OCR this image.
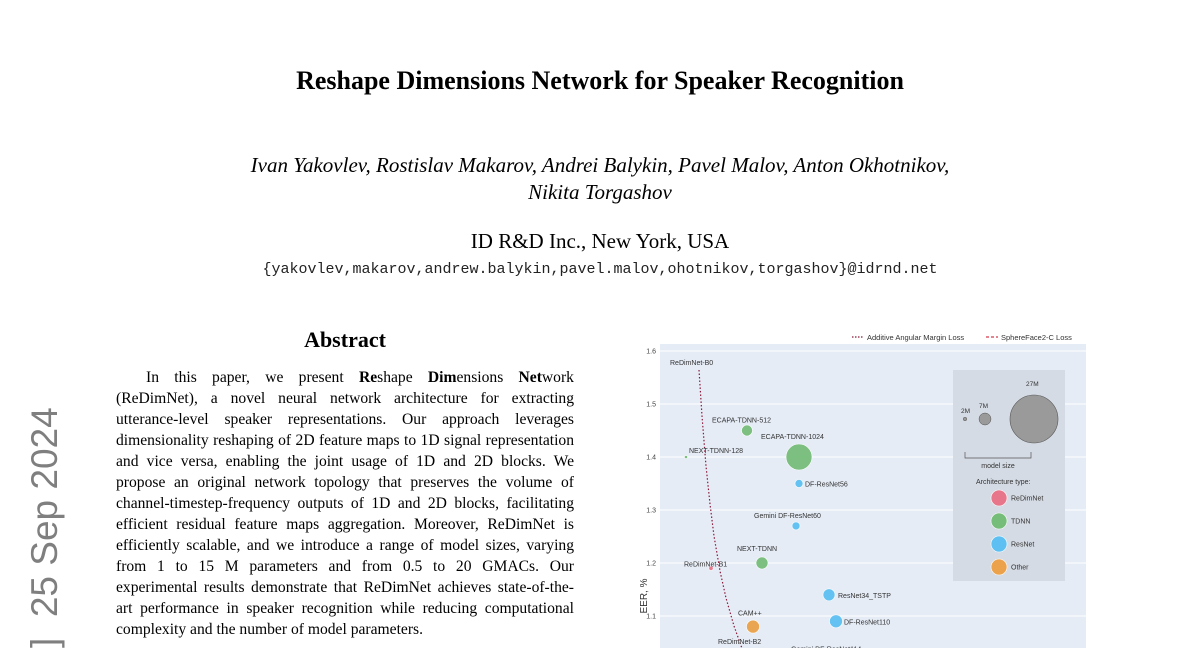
Reshape Dimensions Network for Speaker Recognition
Ivan Yakovlev, Rostislav Makarov, Andrei Balykin, Pavel Malov, Anton Okhotnikov,
Nikita Torgashov
ID R&D Inc., New York, USA
{yakovlev,makarov,andrew.balykin,pavel.malov,ohotnikov,torgashov}@idrnd.net
]  25 Sep 2024
Abstract
In this paper, we present Reshape Dimensions Network (ReDimNet), a novel neural network architecture for extracting utterance-level speaker representations. Our approach leverages dimensionality reshaping of 2D feature maps to 1D signal representation and vice versa, enabling the joint usage of 1D and 2D blocks. We propose an original network topology that preserves the volume of channel-timestep-frequency outputs of 1D and 2D blocks, facilitating efficient residual feature maps aggregation. Moreover, ReDimNet is efficiently scalable, and we introduce a range of model sizes, varying from 1 to 15 M parameters and from 0.5 to 20 GMACs. Our experimental results demonstrate that ReDimNet achieves state-of-the-art performance in speaker recognition while reducing computational complexity and the number of model parameters.
1.6
1.5
1.4
1.3
1.2
1.1
EER, %
Additive Angular Margin Loss	SphereFace2-C Loss
ReDimNet-B0
ECAPA-TDNN-512
ECAPA-TDNN-1024
NEXT-TDNN-128
DF-ResNet56
Gemini DF-ResNet60
NEXT-TDNN
ReDimNet-B1
ResNet34_TSTP
CAM++
DF-ResNet110
ReDimNet-B2
2M
7M
27M
model size
Architecture type:
ReDimNet
TDNN
ResNet
Other
